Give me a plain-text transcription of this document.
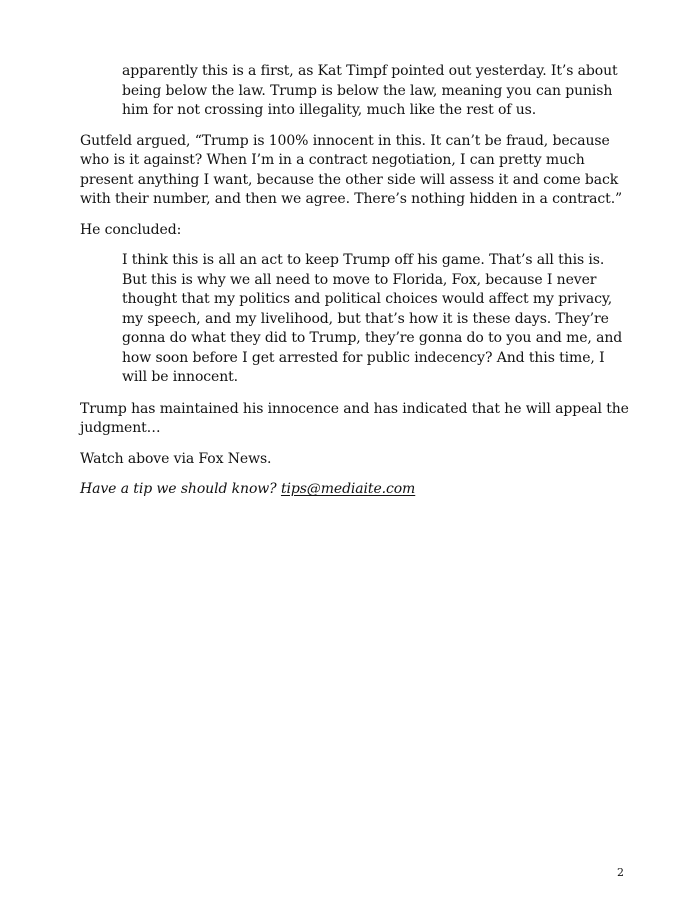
apparently this is a first, as Kat Timpf pointed out yesterday. It’s about being below the law. Trump is below the law, meaning you can punish him for not crossing into illegality, much like the rest of us.

Gutfeld argued, “Trump is 100% innocent in this. It can’t be fraud, because who is it against? When I’m in a contract negotiation, I can pretty much present anything I want, because the other side will assess it and come back with their number, and then we agree. There’s nothing hidden in a contract.”

He concluded:

I think this is all an act to keep Trump off his game. That’s all this is. But this is why we all need to move to Florida, Fox, because I never thought that my politics and political choices would affect my privacy, my speech, and my livelihood, but that’s how it is these days. They’re gonna do what they did to Trump, they’re gonna do to you and me, and how soon before I get arrested for public indecency? And this time, I will be innocent.

Trump has maintained his innocence and has indicated that he will appeal the judgment…

Watch above via Fox News.

Have a tip we should know? tips@mediaite.com

2
